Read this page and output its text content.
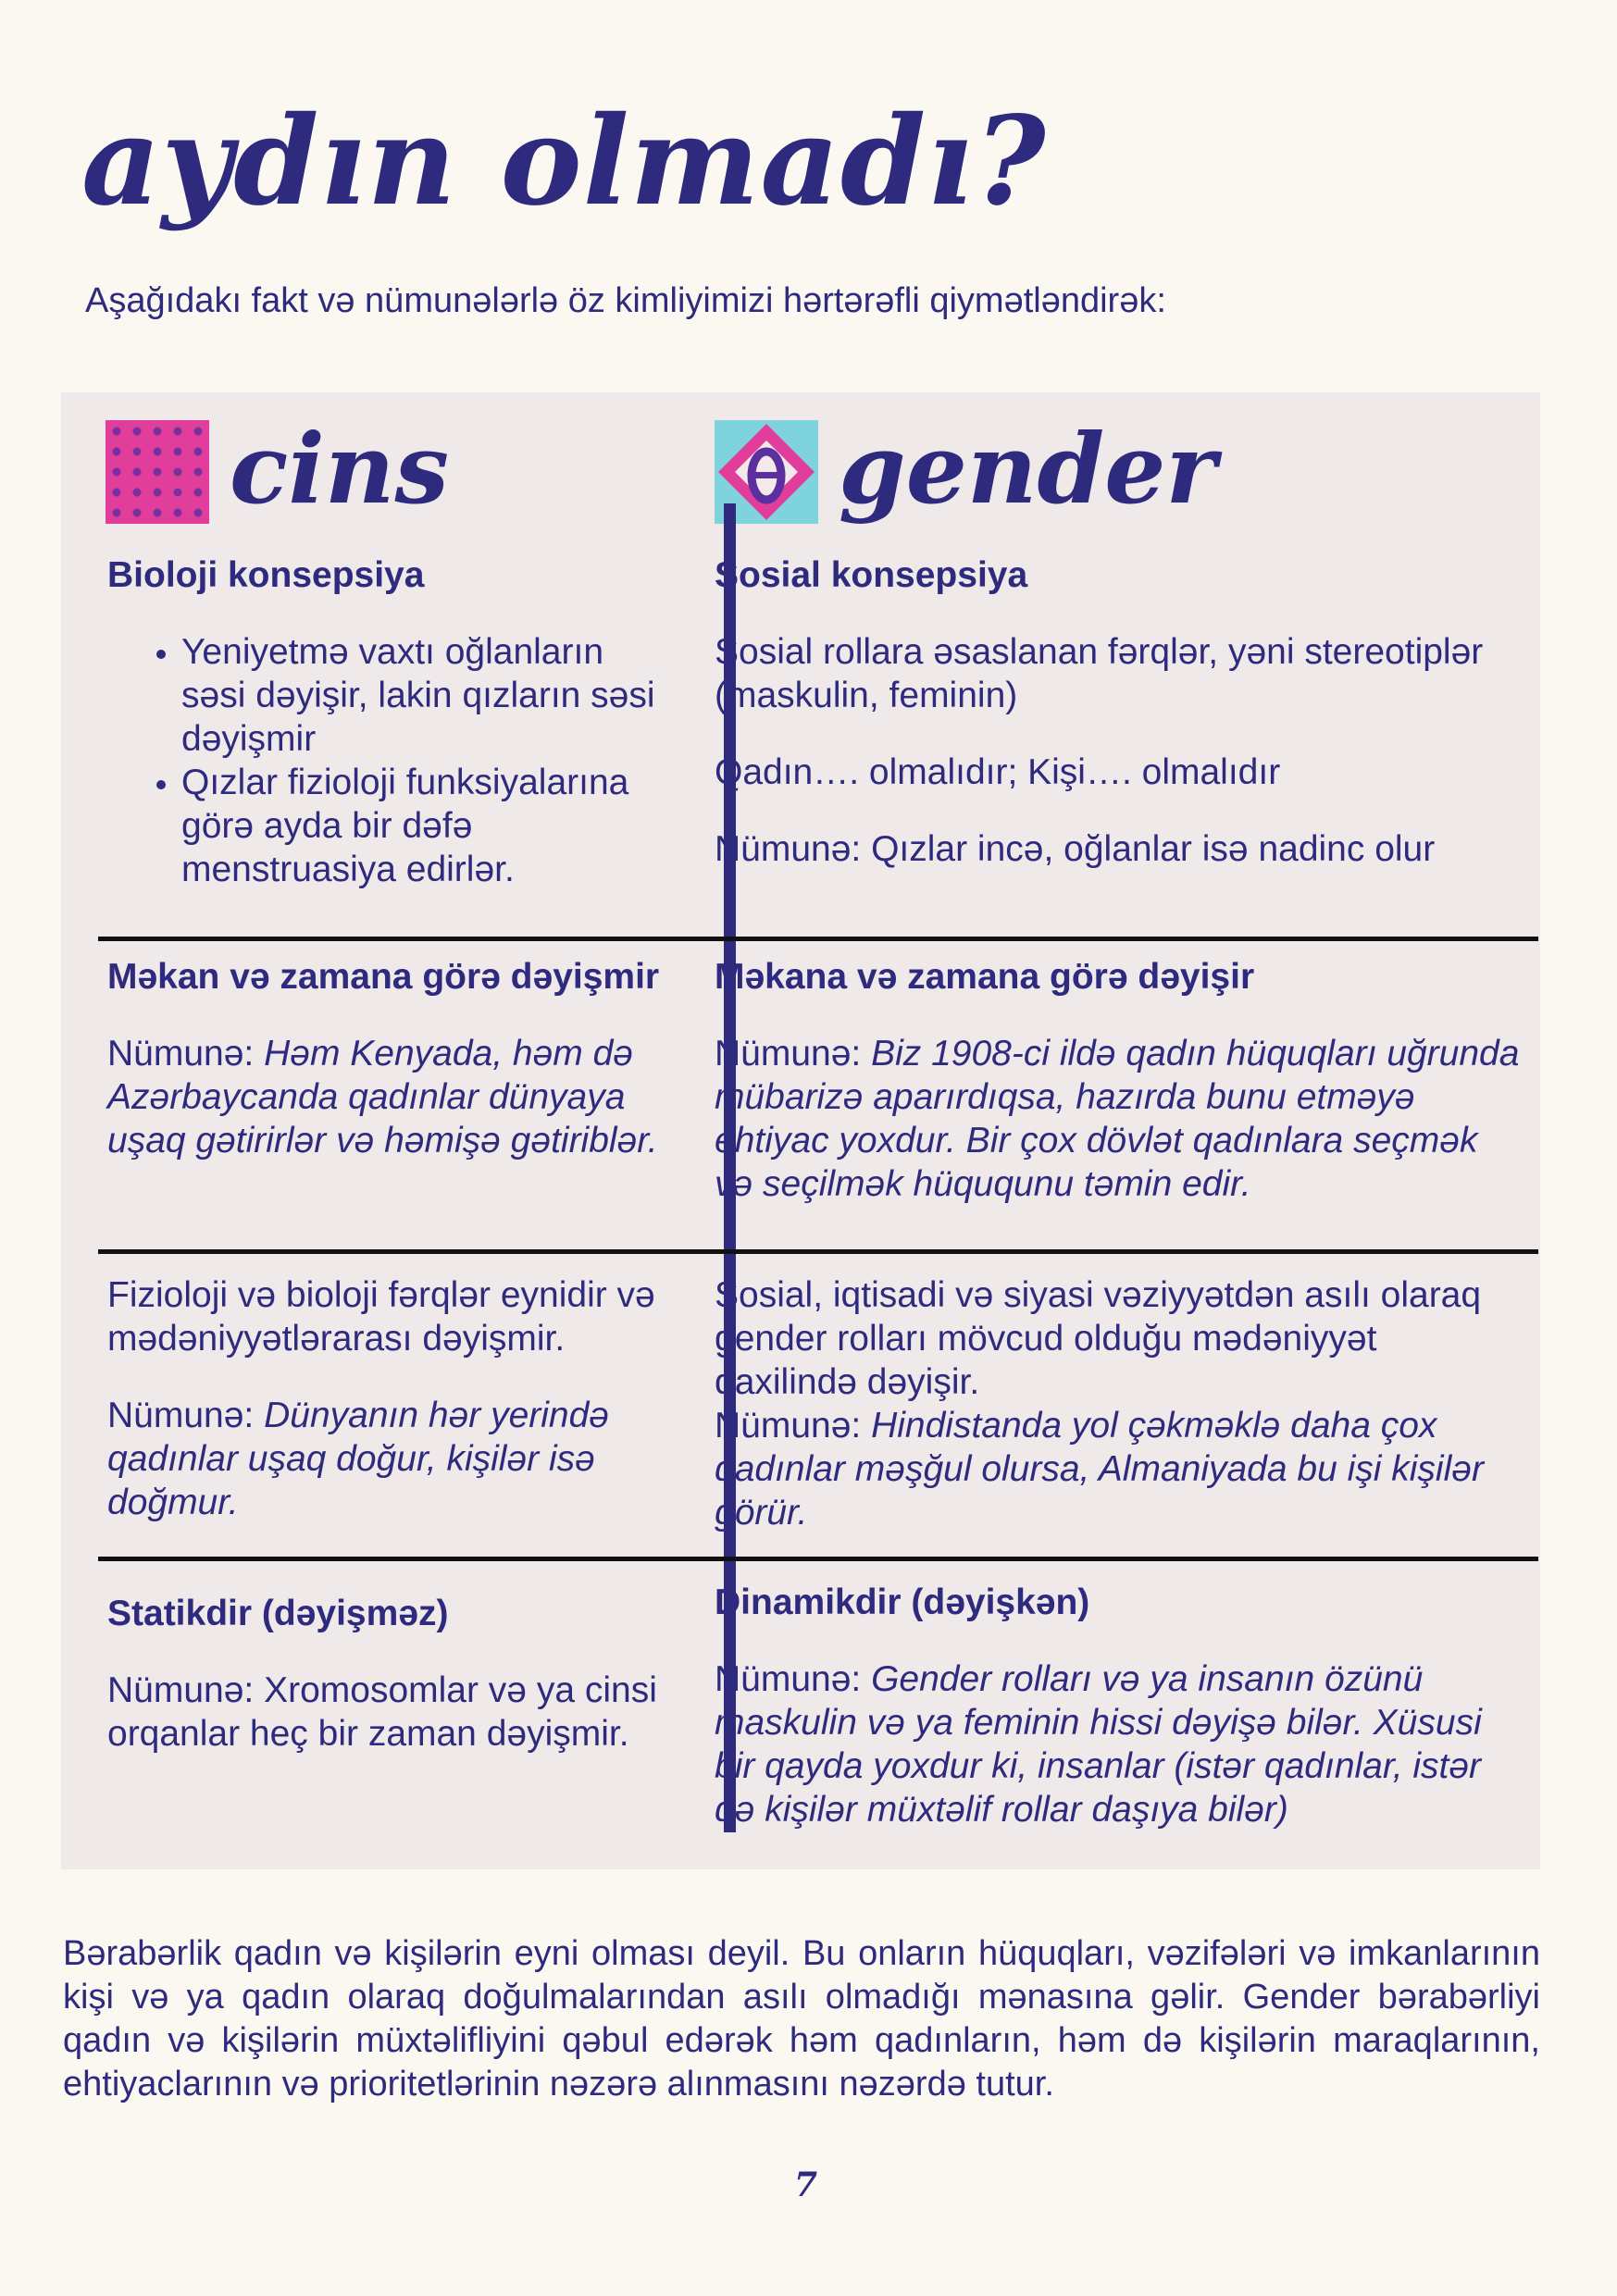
aydın olmadı?

Aşağıdakı fakt və nümunələrlə öz kimliyimizi hərtərəfli qiymətləndirək:

cins	gender
Bioloji konsepsiya
• Yeniyetmə vaxtı oğlanların səsi dəyişir, lakin qızların səsi dəyişmir
• Qızlar fizioloji funksiyalarına görə ayda bir dəfə menstruasiya edirlər.
Sosial konsepsiya

Sosial rollara əsaslanan fərqlər, yəni stereotiplər (maskulin, feminin)

Qadın…. olmalıdır; Kişi…. olmalıdır

Nümunə: Qızlar incə, oğlanlar isə nadinc olur

Məkan və zamana görə dəyişmir

Nümunə: Həm Kenyada, həm də Azərbaycanda qadınlar dünyaya uşaq gətirirlər və həmişə gətiriblər.

Məkana və zamana görə dəyişir

Nümunə: Biz 1908-ci ildə qadın hüquqları uğrunda mübarizə aparırdıqsa, hazırda bunu etməyə ehtiyac yoxdur. Bir çox dövlət qadınlara seçmək və seçilmək hüququnu təmin edir.

Fizioloji və bioloji fərqlər eynidir və mədəniyyətlərarası dəyişmir.

Nümunə: Dünyanın hər yerində qadınlar uşaq doğur, kişilər isə doğmur.

Sosial, iqtisadi və siyasi vəziyyətdən asılı olaraq gender rolları mövcud olduğu mədəniyyət daxilində dəyişir.

Nümunə: Hindistanda yol çəkməklə daha çox qadınlar məşğul olursa, Almaniyada bu işi kişilər görür.

Statikdir (dəyişməz)

Nümunə: Xromosomlar və ya cinsi orqanlar heç bir zaman dəyişmir.

Dinamikdir (dəyişkən)

Nümunə: Gender rolları və ya insanın özünü maskulin və ya feminin hissi dəyişə bilər. Xüsusi bir qayda yoxdur ki, insanlar (istər qadınlar, istər də kişilər müxtəlif rollar daşıya bilər)

Bərabərlik qadın və kişilərin eyni olması deyil. Bu onların hüquqları, vəzifələri və imkanlarının kişi və ya qadın olaraq doğulmalarından asılı olmadığı mənasına gəlir. Gender bərabərliyi qadın və kişilərin müxtəlifliyini qəbul edərək həm qadınların, həm də kişilərin maraqlarının, ehtiyaclarının və prioritetlərinin nəzərə alınmasını nəzərdə tutur.

7
